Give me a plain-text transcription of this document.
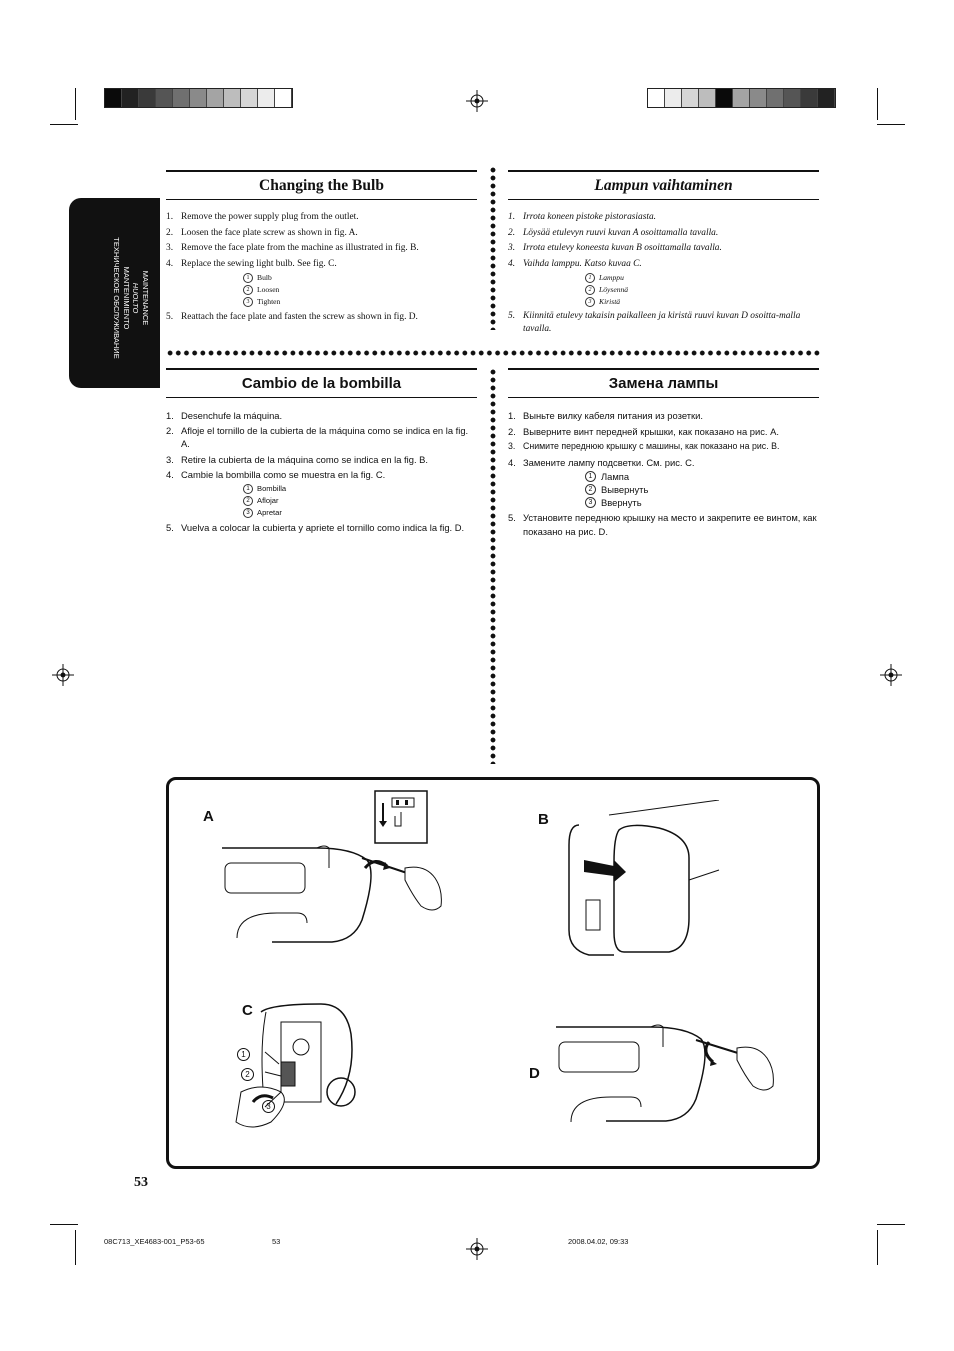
MAINTENANCE
HUOLTO
MANTENIMIENTO
ТЕХНИЧЕСКОЕ ОБСЛУЖИВАНИЕ
Changing the Bulb
1. Remove the power supply plug from the outlet.
2. Loosen the face plate screw as shown in fig. A.
3. Remove the face plate from the machine as illustrated in fig. B.
4. Replace the sewing light bulb. See fig. C.
1 Bulb
2 Loosen
3 Tighten
5. Reattach the face plate and fasten the screw as shown in fig. D.
Lampun vaihtaminen
1. Irrota koneen pistoke pistorasiasta.
2. Löysää etulevyn ruuvi kuvan A osoittamalla tavalla.
3. Irrota etulevy koneesta kuvan B osoittamalla tavalla.
4. Vaihda lamppu. Katso kuvaa C.
1 Lamppu
2 Löysennä
3 Kiristä
5. Kiinnitä etulevy takaisin paikalleen ja kiristä ruuvi kuvan D osoitta-malla tavalla.
Cambio de la bombilla
1. Desenchufe la máquina.
2. Afloje el tornillo de la cubierta de la máquina como se indica en la fig. A.
3. Retire la cubierta de la máquina como se indica en la fig. B.
4. Cambie la bombilla como se muestra en la fig. C.
1 Bombilla
2 Aflojar
3 Apretar
5. Vuelva a colocar la cubierta y apriete el tornillo como indica la fig. D.
Замена лампы
1. Выньте вилку кабеля питания из розетки.
2. Выверните винт передней крышки, как показано на рис. А.
3. Снимите переднюю крышку с машины, как показано на рис. B.
4. Замените лампу подсветки. См. рис. С.
1 Лампа
2 Вывернуть
3 Ввернуть
5. Установите переднюю крышку на место и закрепите ее винтом, как показано на рис. D.
A	B
C
D
1
2
3
53
08C713_XE4683-001_P53-65	53	2008.04.02, 09:33
